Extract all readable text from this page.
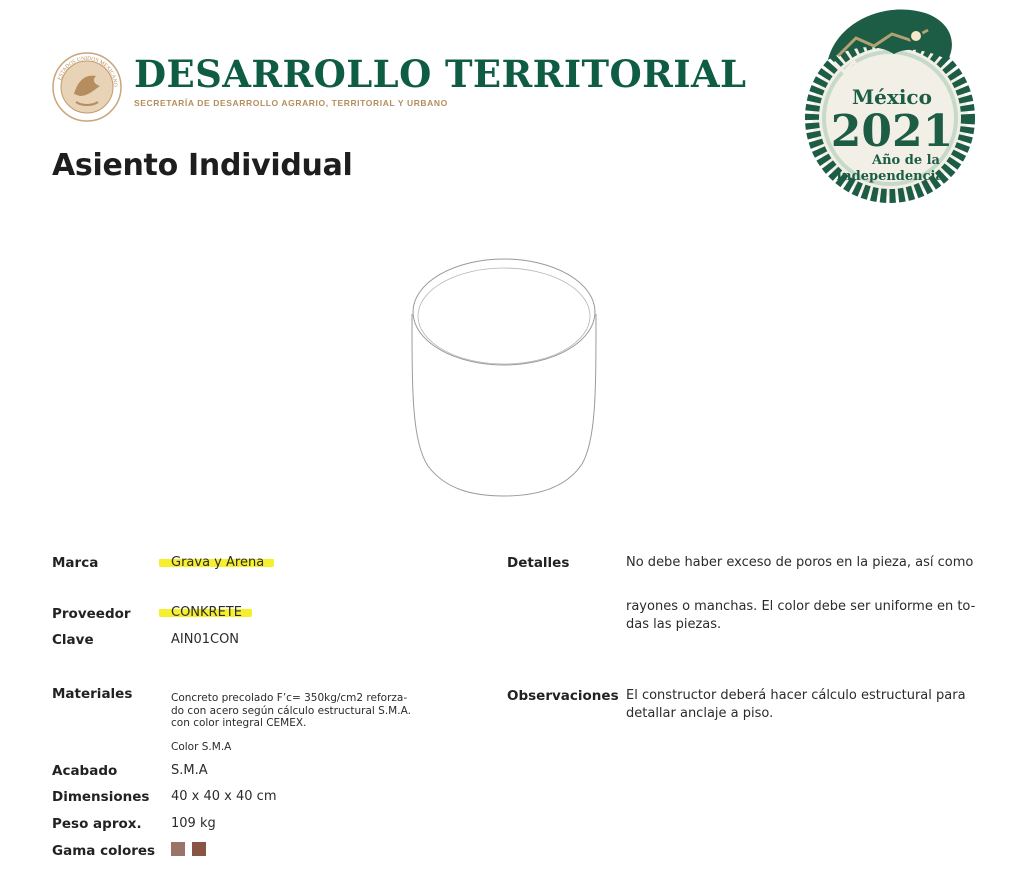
ESTADOS UNIDOS MEXICANO DESARROLLO TERRITORIAL
SECRETARÍA DE DESARROLLO AGRARIO, TERRITORIAL Y URBANO	México
2021
Año de la
Independencia
Asiento Individual
Marca	Grava y Arena
Proveedor	CONKRETE
Clave	AIN01CON
Materiales	Concreto precolado F’c= 350kg/cm2 reforza-
do con acero según cálculo estructural S.M.A.
con color integral CEMEX.
Color S.M.A
Acabado	S.M.A
Dimensiones 40 x 40 x 40 cm
Peso aprox. 109 kg
Gama colores
Detalles	No debe haber exceso de poros en la pieza, así como
rayones o manchas. El color debe ser uniforme en to-
das las piezas.
Observaciones El constructor deberá hacer cálculo estructural para
detallar anclaje a piso.
